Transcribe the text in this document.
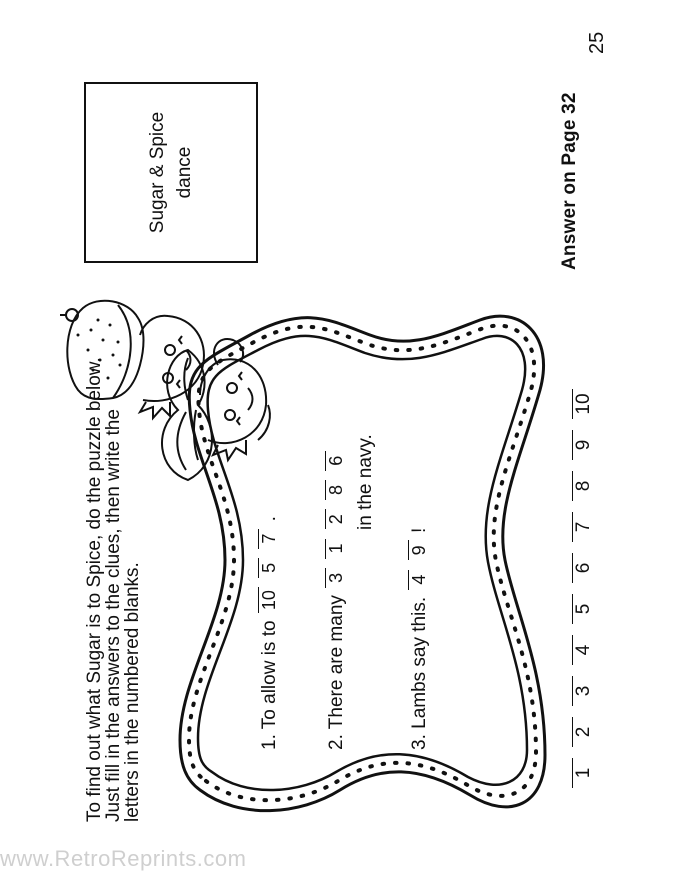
25
Sugar & Spice dance	Answer on Page 32
To find out what Sugar is to Spice, do the puzzle below.
Just fill in the answers to the clues, then write the
letters in the numbered blanks.	1. To allow is to 10 5 7 .
2. There are many 3 1 2 8 6 in the navy.
3. Lambs say this. 4 9 !
1
2
3
4
5
6
7
8
9
10
www.RetroReprints.com
